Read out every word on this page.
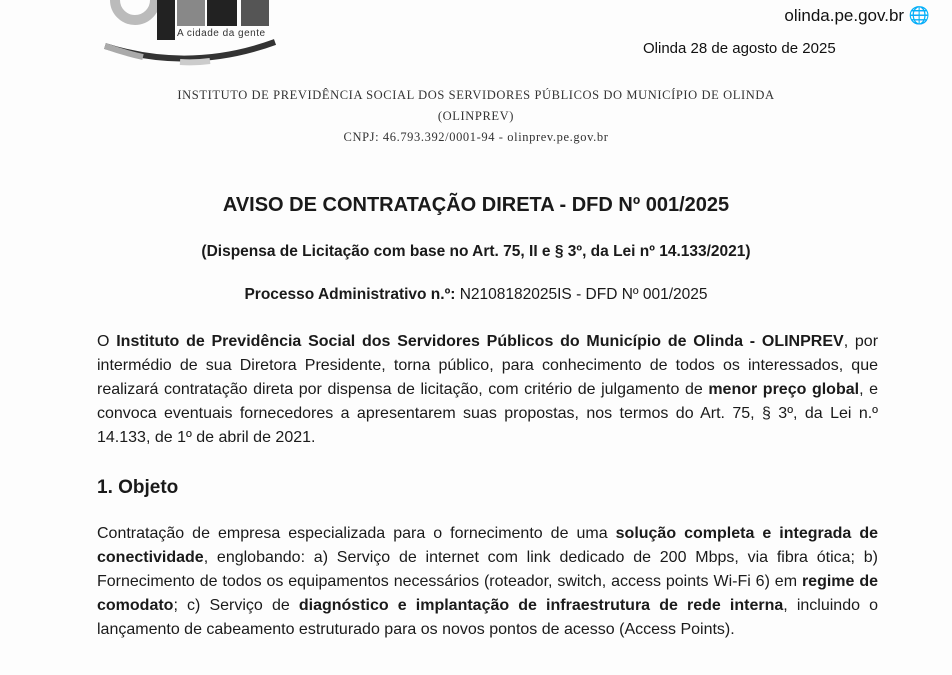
A cidade da gente
olinda.pe.gov.br 🌐
Olinda 28 de agosto de 2025
INSTITUTO DE PREVIDÊNCIA SOCIAL DOS SERVIDORES PÚBLICOS DO MUNICÍPIO DE OLINDA
(OLINPREV)
CNPJ: 46.793.392/0001-94 - olinprev.pe.gov.br
AVISO DE CONTRATAÇÃO DIRETA - DFD Nº 001/2025
(Dispensa de Licitação com base no Art. 75, II e § 3º, da Lei nº 14.133/2021)
Processo Administrativo n.º: N2108182025IS - DFD Nº 001/2025
O Instituto de Previdência Social dos Servidores Públicos do Município de Olinda - OLINPREV, por intermédio de sua Diretora Presidente, torna público, para conhecimento de todos os interessados, que realizará contratação direta por dispensa de licitação, com critério de julgamento de menor preço global, e convoca eventuais fornecedores a apresentarem suas propostas, nos termos do Art. 75, § 3º, da Lei n.º 14.133, de 1º de abril de 2021.
1. Objeto
Contratação de empresa especializada para o fornecimento de uma solução completa e integrada de conectividade, englobando: a) Serviço de internet com link dedicado de 200 Mbps, via fibra ótica; b) Fornecimento de todos os equipamentos necessários (roteador, switch, access points Wi-Fi 6) em regime de comodato; c) Serviço de diagnóstico e implantação de infraestrutura de rede interna, incluindo o lançamento de cabeamento estruturado para os novos pontos de acesso (Access Points).
